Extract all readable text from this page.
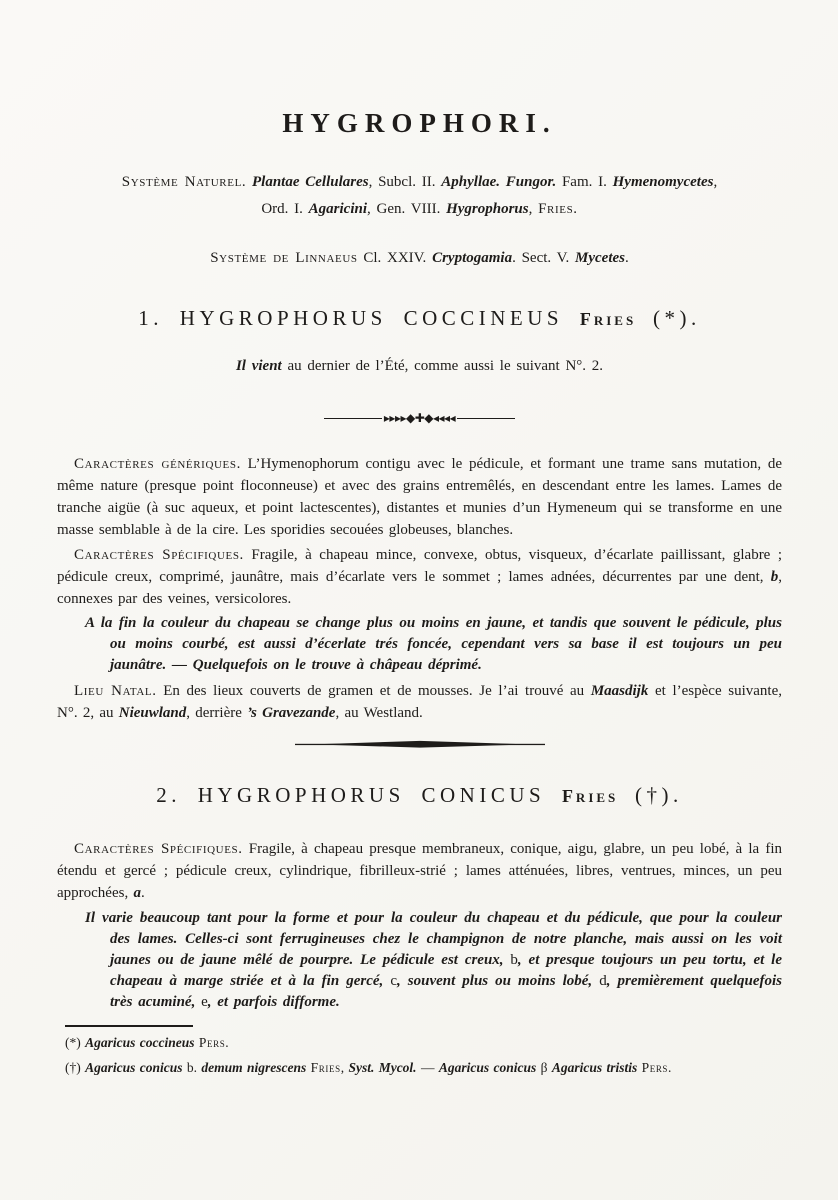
HYGROPHORI.

Système Naturel. Plantae Cellulares, Subcl. II. Aphyllae. Fungor. Fam. I. Hymenomycetes,

Ord. I. Agaricini, Gen. VIII. Hygrophorus, Fries.

Système de Linnaeus Cl. XXIV. Cryptogamia. Sect. V. Mycetes.

1. HYGROPHORUS COCCINEUS Fries (*).

Il vient au dernier de l’Été, comme aussi le suivant N°. 2.

▸▸▸▸◆✚◆◂◂◂◂

Caractères génériques. L’Hymenophorum contigu avec le pédicule, et formant une trame sans mutation, de même nature (presque point floconneuse) et avec des grains entremêlés, en descendant entre les lames. Lames de tranche aigüe (à suc aqueux, et point lactescentes), distantes et munies d’un Hymeneum qui se transforme en une masse semblable à de la cire. Les sporidies secouées globeuses, blanches.

Caractères Spécifiques. Fragile, à chapeau mince, convexe, obtus, visqueux, d’écarlate paillissant, glabre ; pédicule creux, comprimé, jaunâtre, mais d’écarlate vers le sommet ; lames adnées, décurrentes par une dent, b, connexes par des veines, versicolores.

A la fin la couleur du chapeau se change plus ou moins en jaune, et tandis que souvent le pédicule, plus ou moins courbé, est aussi d’écerlate trés foncée, cependant vers sa base il est toujours un peu jaunâtre. — Quelquefois on le trouve à châpeau déprimé.

Lieu Natal. En des lieux couverts de gramen et de mousses. Je l’ai trouvé au Maasdijk et l’espèce suivante, N°. 2, au Nieuwland, derrière ’s Gravezande, au Westland.

2. HYGROPHORUS CONICUS Fries (†).

Caractères Spécifiques. Fragile, à chapeau presque membraneux, conique, aigu, glabre, un peu lobé, à la fin étendu et gercé ; pédicule creux, cylindrique, fibrilleux-strié ; lames atténuées, libres, ventrues, minces, un peu approchées, a.

Il varie beaucoup tant pour la forme et pour la couleur du chapeau et du pédicule, que pour la couleur des lames. Celles-ci sont ferrugineuses chez le champignon de notre planche, mais aussi on les voit jaunes ou de jaune mêlé de pourpre. Le pédicule est creux, b, et presque toujours un peu tortu, et le chapeau à marge striée et à la fin gercé, c, souvent plus ou moins lobé, d, premièrement quelquefois très acuminé, e, et parfois difforme.

(*) Agaricus coccineus Pers.

(†) Agaricus conicus b. demum nigrescens Fries, Syst. Mycol. — Agaricus conicus β Agaricus tristis Pers.
